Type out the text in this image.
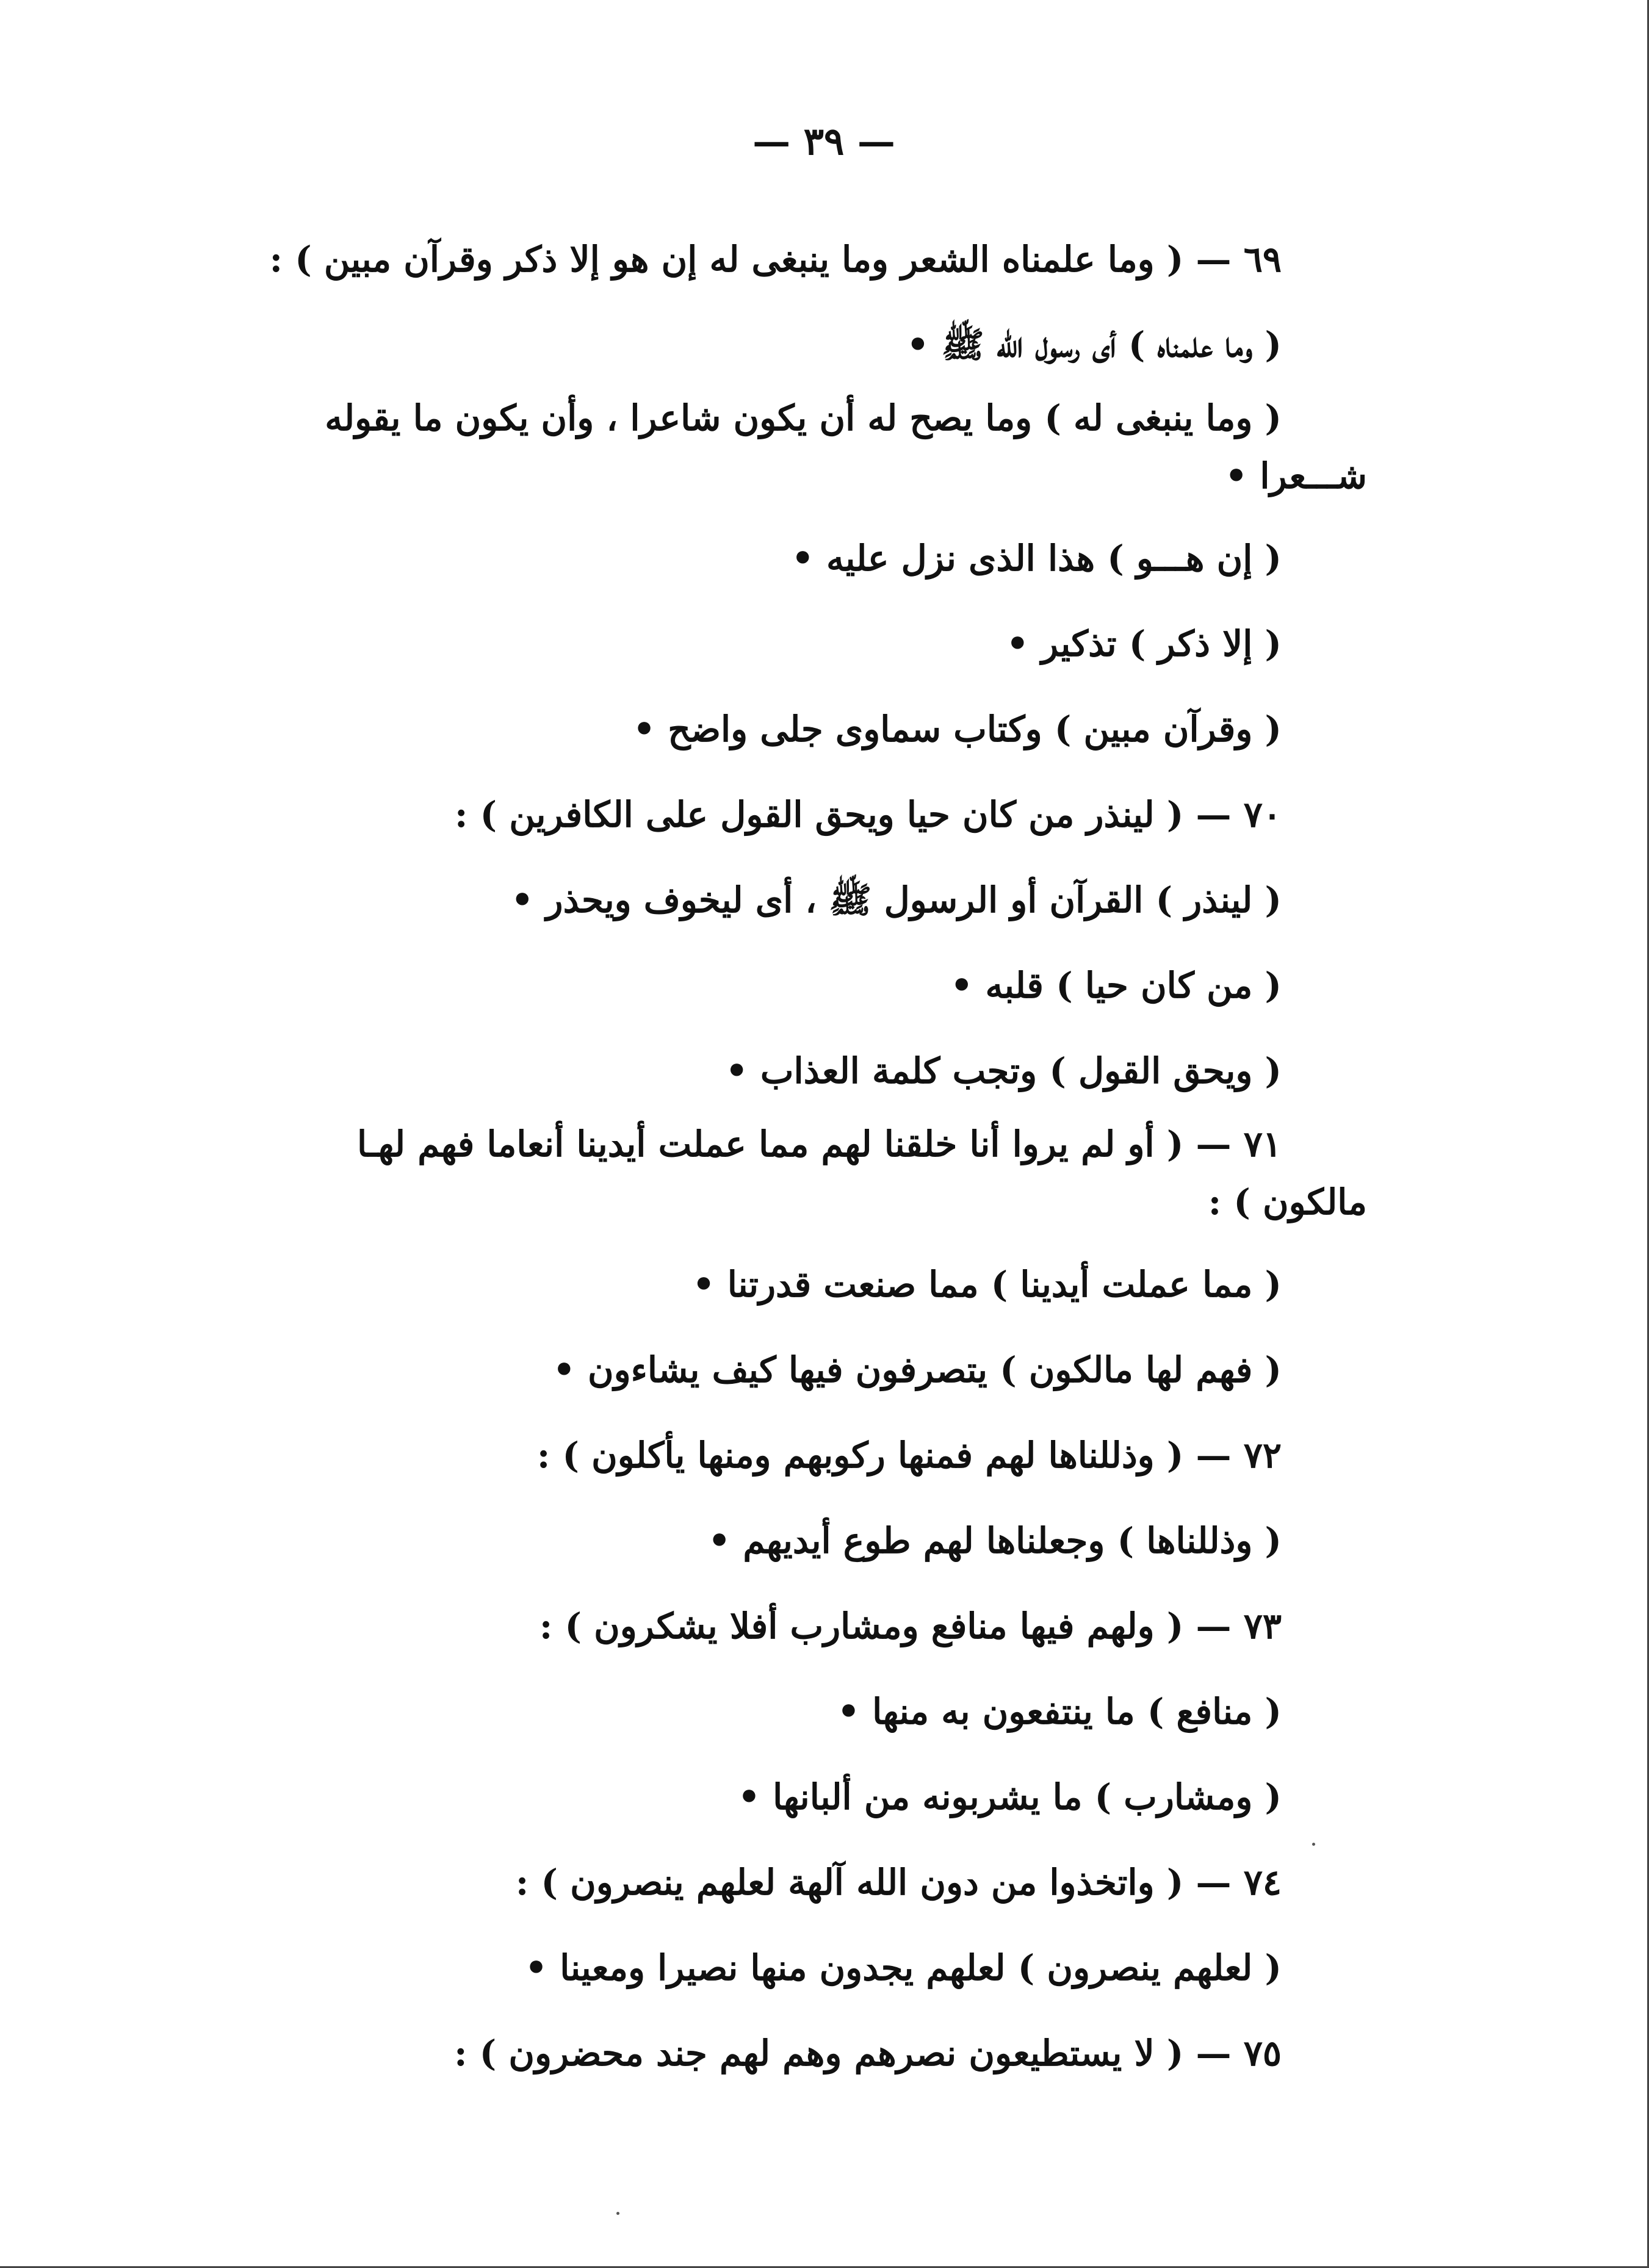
— ٣٩ —
٦٩ — ( وما علمناه الشعر وما ينبغى له إن هو إلا ذكر وقرآن مبين ) :
( وما علمناه ) أى رسول الله ﷺ •
( وما ينبغى له ) وما يصح له أن يكون شاعرا ، وأن يكون ما يقوله
شـــعرا •
( إن هـــو ) هذا الذى نزل عليه •
( إلا ذكر ) تذكير •
( وقرآن مبين ) وكتاب سماوى جلى واضح •
٧٠ — ( لينذر من كان حيا ويحق القول على الكافرين ) :
( لينذر ) القرآن أو الرسول ﷺ ، أى ليخوف ويحذر •
( من كان حيا ) قلبه •
( ويحق القول ) وتجب كلمة العذاب •
٧١ — ( أو لم يروا أنا خلقنا لهم مما عملت أيدينا أنعاما فهم لهـا
مالكون ) :
( مما عملت أيدينا ) مما صنعت قدرتنا •
( فهم لها مالكون ) يتصرفون فيها كيف يشاءون •
٧٢ — ( وذللناها لهم فمنها ركوبهم ومنها يأكلون ) :
( وذللناها ) وجعلناها لهم طوع أيديهم •
٧٣ — ( ولهم فيها منافع ومشارب أفلا يشكرون ) :
( منافع ) ما ينتفعون به منها •
( ومشارب ) ما يشربونه من ألبانها •
٧٤ — ( واتخذوا من دون الله آلهة لعلهم ينصرون ) :
( لعلهم ينصرون ) لعلهم يجدون منها نصيرا ومعينا •
٧٥ — ( لا يستطيعون نصرهم وهم لهم جند محضرون ) :
